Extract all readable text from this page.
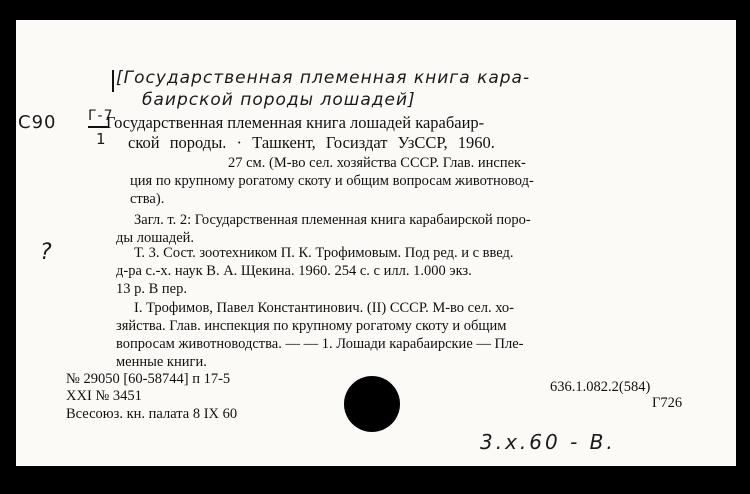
[Государственная племенная книга кара-
баирской породы лошадей]
С90 Г-7
1
?
3.х.60 - В.
Государственная племенная книга лошадей карабаир-
ской породы. · Ташкент, Госиздат УзССР, 1960.
27 см. (М-во сел. хозяйства СССР. Глав. инспек-
ция по крупному рогатому скоту и общим вопросам животновод-
ства).
Загл. т. 2: Государственная племенная книга карабаирской поро-
ды лошадей.
Т. 3. Сост. зоотехником П. К. Трофимовым. Под ред. и с введ.
д-ра с.-х. наук В. А. Щекина. 1960. 254 с. с илл. 1.000 экз.
13 р. В пер.
I. Трофимов, Павел Константинович. (II) СССР. М-во сел. хо-
зяйства. Глав. инспекция по крупному рогатому скоту и общим
вопросам животноводства. — — 1. Лошади карабаирские — Пле-
менные книги.
№ 29050 [60-58744] п 17-5
XXI № 3451
Всесоюз. кн. палата 8 IX 60
636.1.082.2(584)
Г726
